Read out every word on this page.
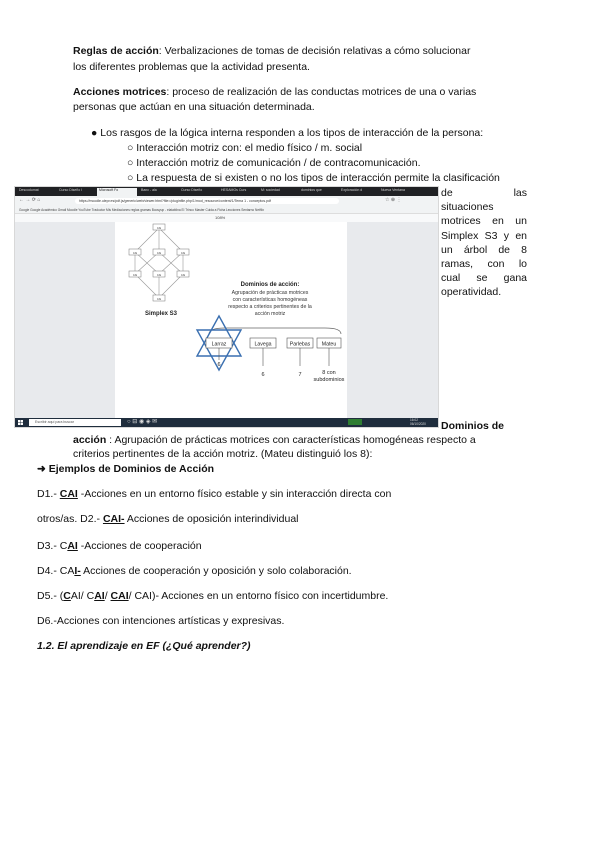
Reglas de acción: Verbalizaciones de tomas de decisión relativas a cómo solucionar
los diferentes problemas que la actividad presenta.
Acciones motrices: proceso de realización de las conductas motrices de una o varias
personas que actúan en una situación determinada.
● Los rasgos de la lógica interna responden a los tipos de interacción de la persona:
○ Interacción motriz con: el medio físico / m. social
○ Interacción motriz de comunicación / de contracomunicación.
○ La respuesta de si existen o no los tipos de interacción permite la clasificación
de las
situaciones
motrices en un
Simplex S3 y en
un árbol de 8
ramas, con lo
cual se gana
operatividad.
Descodumat	Curso Diseño I	Microsoft Fo	Banc - ala	Curso Diseño	HESAMOs Curs	M: sociedad	dominios que	Exploración d	Nueva Ventana
← → ⟳ ⌂	https://moodle.ulepr.es/pdf.js/generic/web/viewer.html?file=/pluginfile.php/1/mod_resource/content/1/Tema 1 - conceptos.pdf	☆ ⊕ ⋮
Google Google Académico Gmail Moodle YouTube Traductor Mis Mediaciones reglas gramas Boosyup - elatablina El Trinco Master Cuida a Ficha Lecciones Sentarno Netflix
108%
CAI
CAI	CAI	CAI
CAI	CAI	CAI
CAI
Simplex S3
Dominios de acción:
Agrupación de prácticas motrices
con características homogéneas
respecto a criterios pertinentes de la
acción motriz
Larraz	Lavega	Parlebas Mateu
6
6	7	8 con
subdominios
Escribir aquí para buscar	○ ⊟ ◉ ◈ ✉	16:02
06/10/2020 Dominios de
acción : Agrupación de prácticas motrices con características homogéneas respecto a
criterios pertinentes de la acción motriz. (Mateu distinguió los 8):
➜ Ejemplos de Dominios de Acción
D1.- CAI -Acciones en un entorno físico estable y sin interacción directa con
otros/as. D2.- CAI- Acciones de oposición interindividual
D3.- CAI -Acciones de cooperación
D4.- CAI- Acciones de cooperación y oposición y solo colaboración.
D5.- (CAI/ CAI/ CAI/ CAI)- Acciones en un entorno físico con incertidumbre.
D6.-Acciones con intenciones artísticas y expresivas.
1.2. El aprendizaje en EF (¿Qué aprender?)
